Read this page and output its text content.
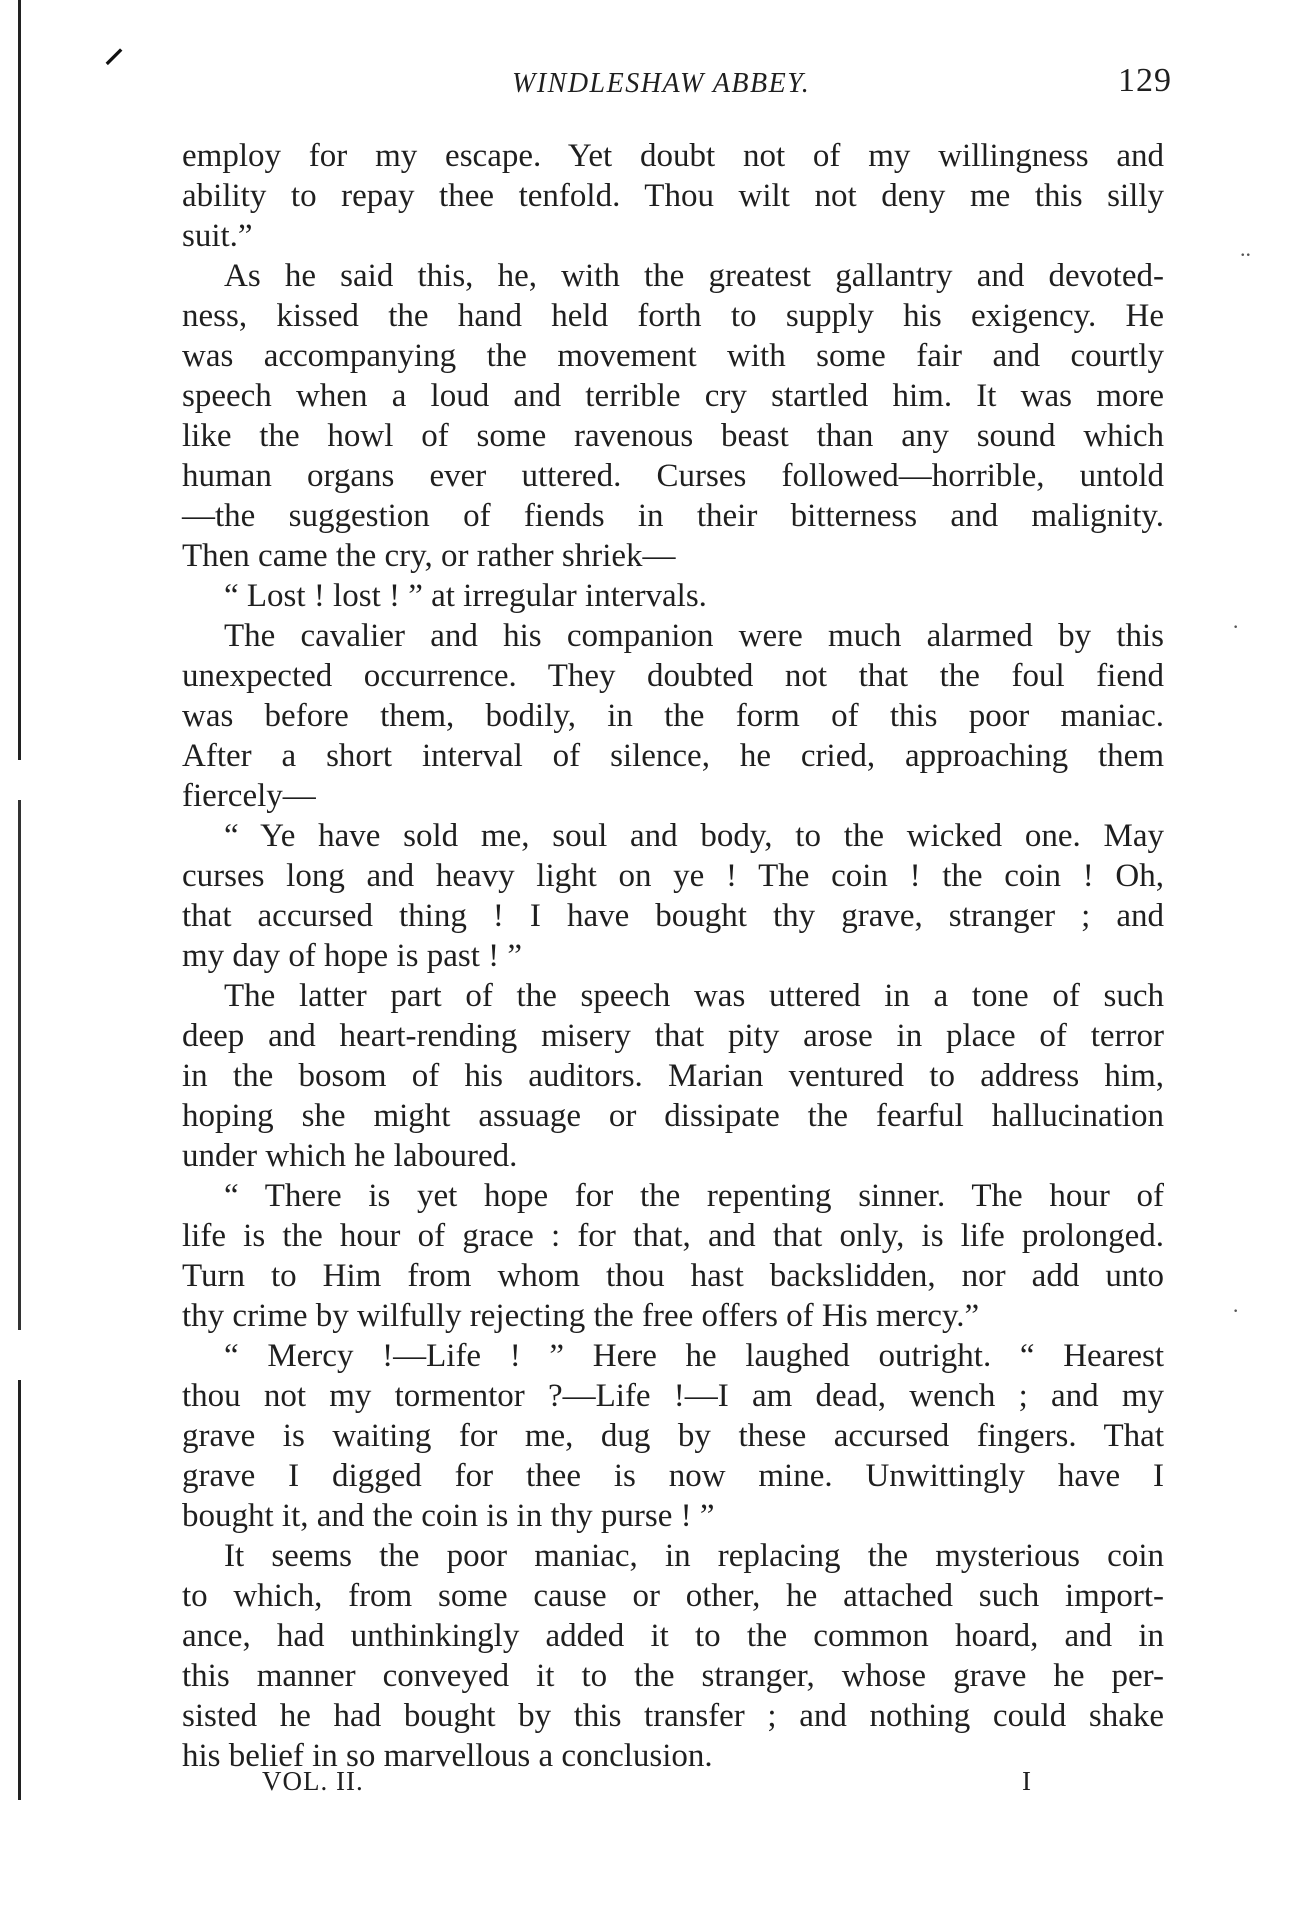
⸝
..
·
·
WINDLESHAW ABBEY.	129
employ for my escape. Yet doubt not of my willingness and
ability to repay thee tenfold. Thou wilt not deny me this silly
suit.”
As he said this, he, with the greatest gallantry and devoted-
ness, kissed the hand held forth to supply his exigency. He
was accompanying the movement with some fair and courtly
speech when a loud and terrible cry startled him. It was more
like the howl of some ravenous beast than any sound which
human organs ever uttered. Curses followed—horrible, untold
—the suggestion of fiends in their bitterness and malignity.
Then came the cry, or rather shriek—
“ Lost ! lost ! ” at irregular intervals.
The cavalier and his companion were much alarmed by this
unexpected occurrence. They doubted not that the foul fiend
was before them, bodily, in the form of this poor maniac.
After a short interval of silence, he cried, approaching them
fiercely—
“ Ye have sold me, soul and body, to the wicked one. May
curses long and heavy light on ye ! The coin ! the coin ! Oh,
that accursed thing ! I have bought thy grave, stranger ; and
my day of hope is past ! ”
The latter part of the speech was uttered in a tone of such
deep and heart-rending misery that pity arose in place of terror
in the bosom of his auditors. Marian ventured to address him,
hoping she might assuage or dissipate the fearful hallucination
under which he laboured.
“ There is yet hope for the repenting sinner. The hour of
life is the hour of grace : for that, and that only, is life prolonged.
Turn to Him from whom thou hast backslidden, nor add unto
thy crime by wilfully rejecting the free offers of His mercy.”
“ Mercy !—Life ! ” Here he laughed outright. “ Hearest
thou not my tormentor ?—Life !—I am dead, wench ; and my
grave is waiting for me, dug by these accursed fingers. That
grave I digged for thee is now mine. Unwittingly have I
bought it, and the coin is in thy purse ! ”
It seems the poor maniac, in replacing the mysterious coin
to which, from some cause or other, he attached such import-
ance, had unthinkingly added it to the common hoard, and in
this manner conveyed it to the stranger, whose grave he per-
sisted he had bought by this transfer ; and nothing could shake
his belief in so marvellous a conclusion.
VOL. II.	I
